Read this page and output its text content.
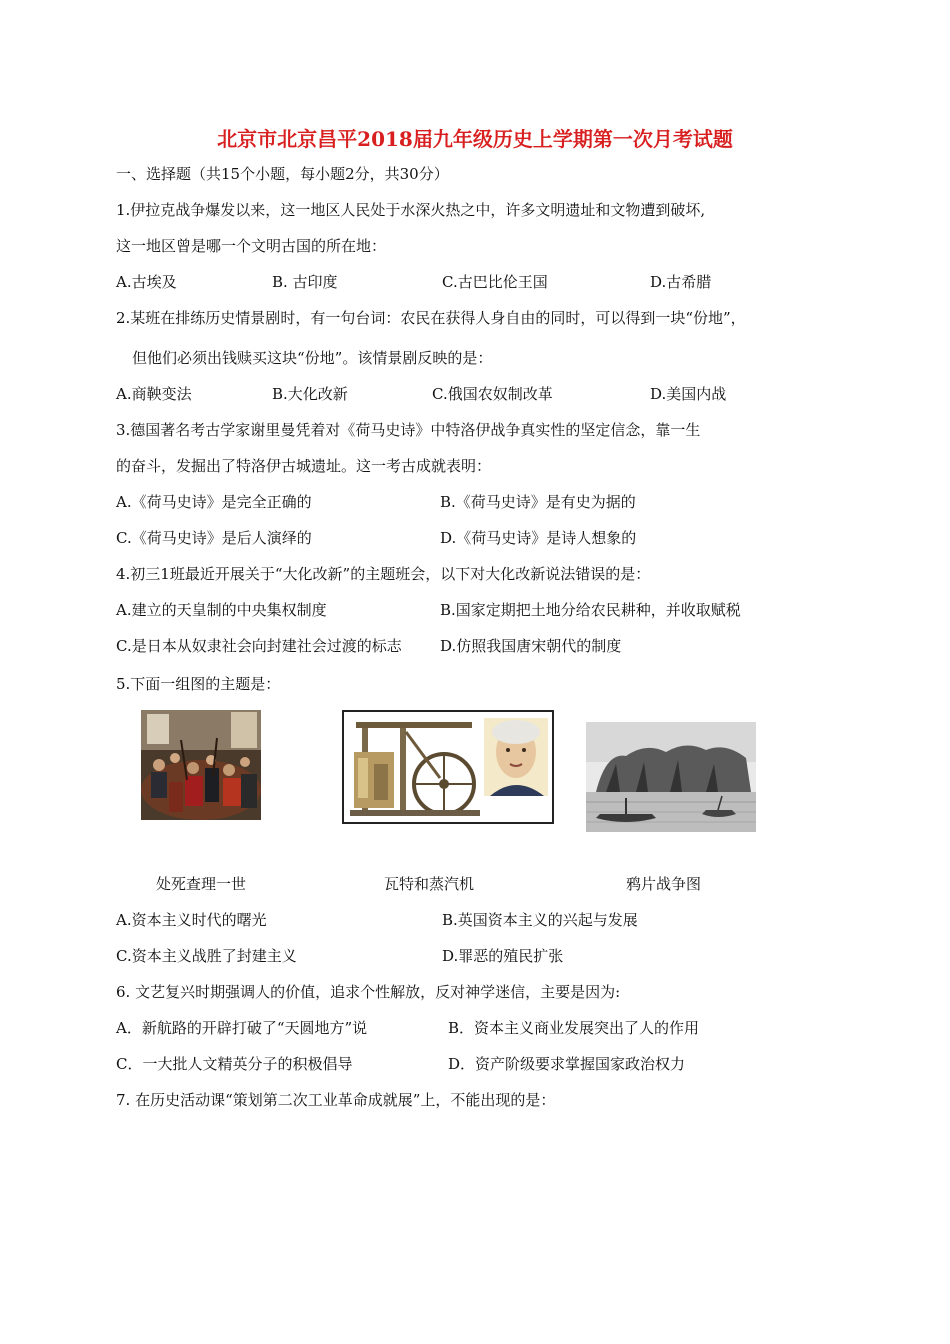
北京市北京昌平2018届九年级历史上学期第一次月考试题
一、选择题（共15个小题，每小题2分，共30分）
1.伊拉克战争爆发以来，这一地区人民处于水深火热之中，许多文明遗址和文物遭到破坏,
这一地区曾是哪一个文明古国的所在地：
A.古埃及	B. 古印度	C.古巴比伦王国	D.古希腊
2.某班在排练历史情景剧时，有一句台词：农民在获得人身自由的同时，可以得到一块“份地”，
但他们必须出钱赎买这块“份地”。该情景剧反映的是：
A.商鞅变法	B.大化改新	C.俄国农奴制改革	D.美国内战
3.德国著名考古学家谢里曼凭着对《荷马史诗》中特洛伊战争真实性的坚定信念，靠一生
的奋斗，发掘出了特洛伊古城遗址。这一考古成就表明：
A.《荷马史诗》是完全正确的	B.《荷马史诗》是有史为据的
C.《荷马史诗》是后人演绎的	D.《荷马史诗》是诗人想象的
4.初三1班最近开展关于“大化改新”的主题班会，以下对大化改新说法错误的是：
A.建立的天皇制的中央集权制度	B.国家定期把土地分给农民耕种，并收取赋税
C.是日本从奴隶社会向封建社会过渡的标志	D.仿照我国唐宋朝代的制度
5.下面一组图的主题是：
处死查理一世	瓦特和蒸汽机	鸦片战争图
A.资本主义时代的曙光	B.英国资本主义的兴起与发展
C.资本主义战胜了封建主义	D.罪恶的殖民扩张
6. 文艺复兴时期强调人的价值，追求个性解放，反对神学迷信，主要是因为:
A．新航路的开辟打破了“天圆地方”说	B．资本主义商业发展突出了人的作用
C．一大批人文精英分子的积极倡导	D．资产阶级要求掌握国家政治权力
7. 在历史活动课“策划第二次工业革命成就展”上，不能出现的是：
